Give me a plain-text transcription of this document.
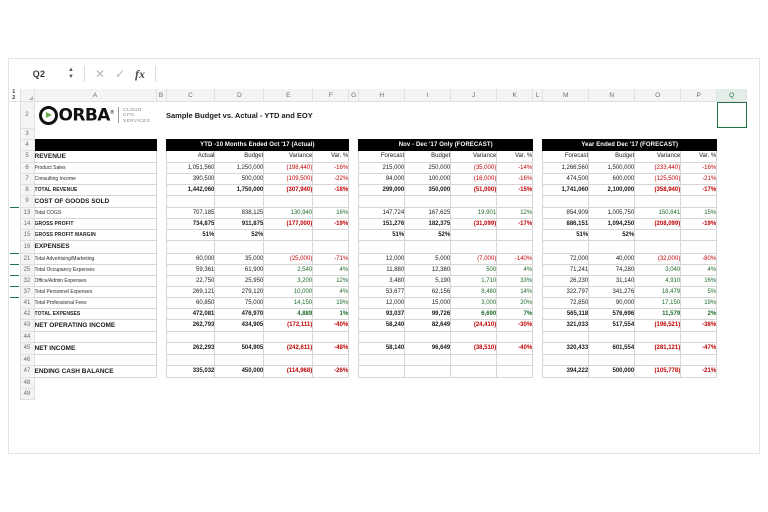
Q2	▲
▼	✕ ✓ fx
1 2		A	B	C	D	E	F	G	H	I	J	K	L	M	N	O	P	Q
	2	ORBA®
CLOUD
CFO
SERVICES		Sample Budget vs. Actual - YTD and EOY														
	3																	
	4			YTD -10 Months Ended Oct '17 (Actual)					Nov - Dec '17 Only (FORECAST)					Year Ended Dec '17 (FORECAST)				
	5	REVENUE		Actual	Budget	Variance	Var. %		Forecast	Budget	Variance	Var. %		Forecast	Budget	Variance	Var. %	
	6	Product Sales		1,051,560	1,250,000	(198,440)	-16%		215,000	250,000	(35,000)	-14%		1,266,560	1,500,000	(233,440)	-16%	
	7	Consulting Income		390,500	500,000	(109,500)	-22%		84,000	100,000	(16,000)	-16%		474,500	600,000	(125,500)	-21%	
	8	TOTAL REVENUE		1,442,060	1,750,000	(307,940)	-18%		299,000	350,000	(51,000)	-15%		1,741,060	2,100,000	(358,940)	-17%	
	9	COST OF GOODS SOLD																

	13	Total COGS		707,185	838,125	130,940	16%		147,724	167,625	19,901	12%		854,909	1,005,750	150,841	15%	
	14	GROSS PROFIT		734,875	911,875	(177,000)	-19%		151,276	182,375	(31,099)	-17%		886,151	1,094,250	(208,099)	-19%	
	15	GROSS PROFIT MARGIN		51%	52%				51%	52%				51%	52%			
	16	EXPENSES																

	21	Total Advertising/Marketing		60,000	35,000	(25,000)	-71%		12,000	5,000	(7,000)	-140%		72,000	40,000	(32,000)	-80%	

	25	Total Occupancy Expenses		59,361	61,900	2,540	4%		11,880	12,380	500	4%		71,241	74,280	3,040	4%	

	32	Office/Admin Expenses		22,750	25,950	3,200	12%		3,480	5,190	1,710	33%		26,230	31,140	4,910	16%	

	37	Total Personnel Expenses		269,121	279,120	10,000	4%		53,677	62,156	8,480	14%		322,797	341,276	18,479	5%	

	41	Total Professional Fees		60,850	75,000	14,150	19%		12,000	15,000	3,000	20%		72,850	90,000	17,150	19%	
	42	TOTAL EXPENSES		472,081	476,970	4,889	1%		93,037	99,726	6,690	7%		565,118	576,696	11,579	2%	
	43	NET OPERATING INCOME		262,793	434,905	(172,111)	-40%		58,240	82,649	(24,410)	-30%		321,033	517,554	(196,521)	-38%	
	44																	
	45	NET INCOME		262,293	504,905	(242,611)	-48%		58,140	96,649	(38,510)	-40%		320,433	601,554	(281,121)	-47%	
	46																	
	47	ENDING CASH BALANCE		335,032	450,000	(114,968)	-26%							394,222	500,000	(105,778)	-21%	
	48																	
	49																	
